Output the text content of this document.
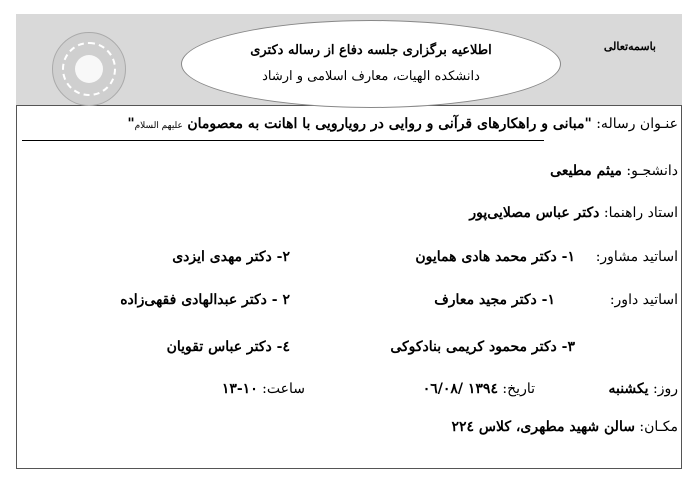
اطلاعیه برگزاری جلسه دفاع از رساله دکتری
دانشکده الهیات، معارف اسلامی و ارشاد
باسمه‌تعالی
عنـوان رساله: "مبانی و راهکارهای قرآنی و روایی در رویارویی با اهانت به معصومان علیهم السلام"
دانشجـو: میثم مطیعی
استاد راهنما: دکتر عباس مصلایی‌پور
اساتید مشاور:
۱- دکتر محمد هادی همایون
۲- دکتر مهدی ایزدی
اساتید داور:
۱- دکتر مجید معارف
۲ - دکتر عبدالهادی فقهی‌زاده
۳- دکتر محمود کریمی بنادکوکی
٤- دکتر عباس تقویان
روز: یکشنبه
تاریخ: ۱۳۹٤ /۰٦/۰۸
ساعت: ۱۰-۱۳
مکـان: سالن شهید مطهری، کلاس ۲۲٤
